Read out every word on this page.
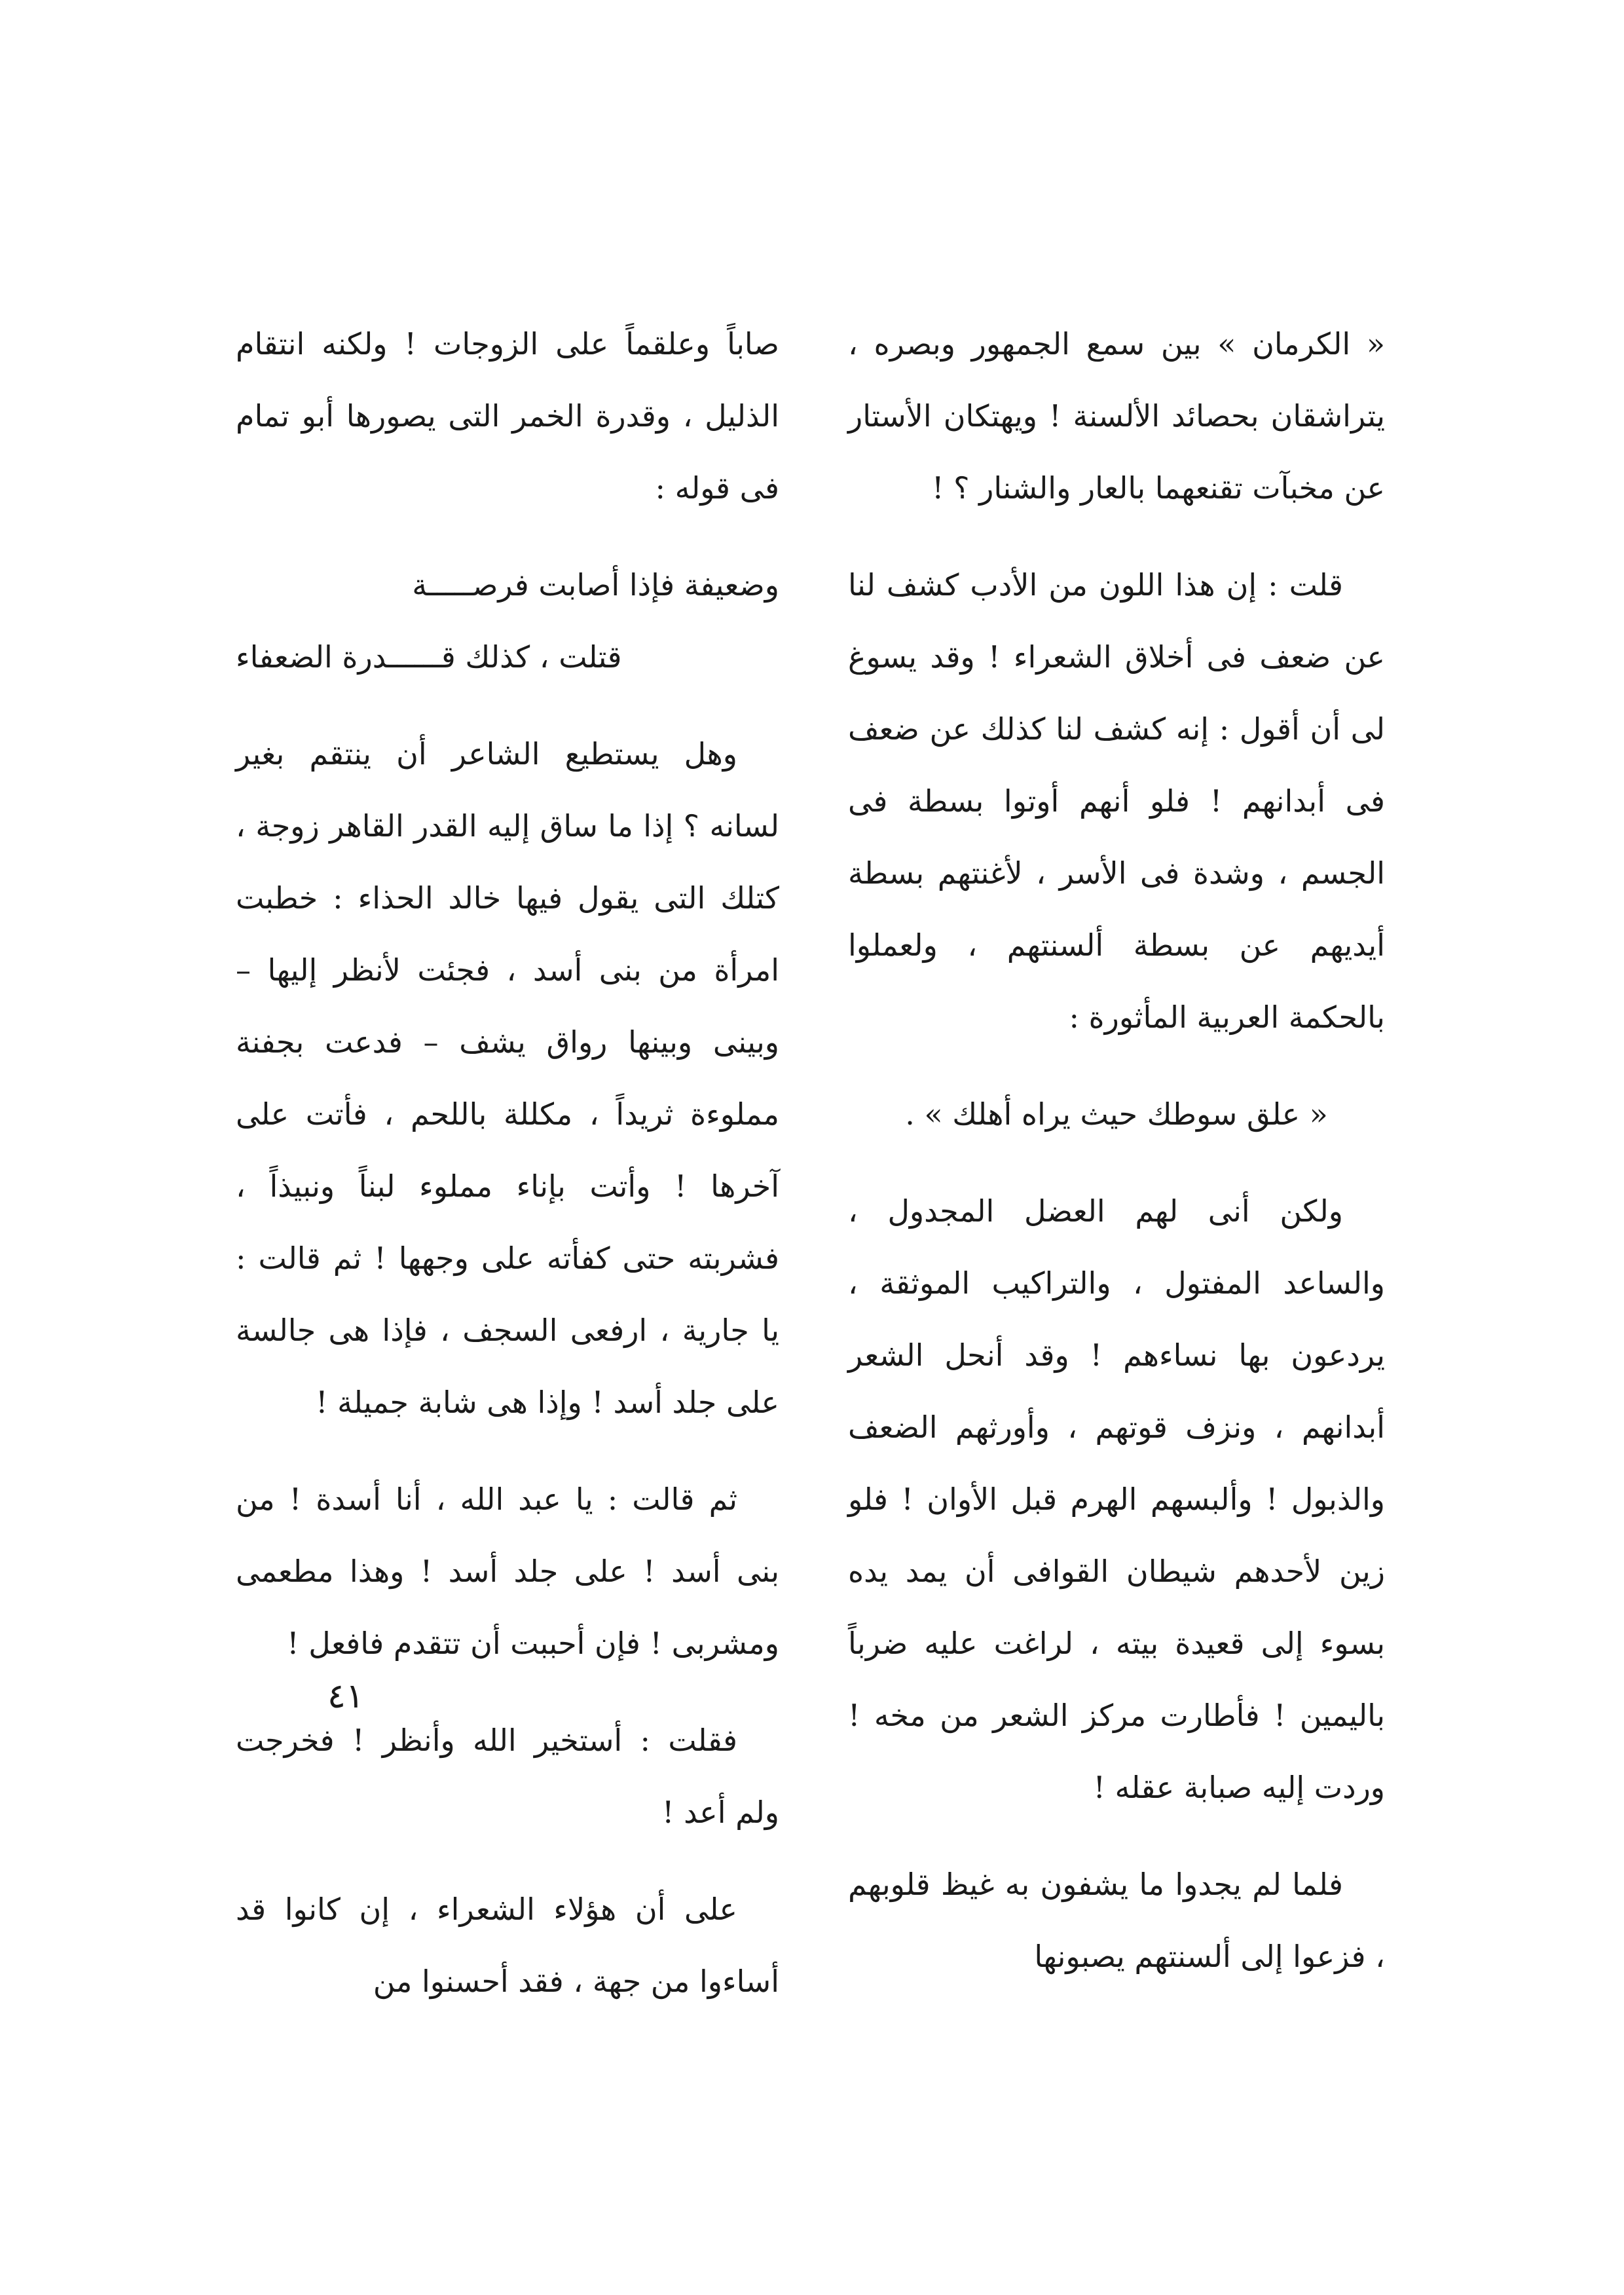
« الكرمان » بين سمع الجمهور وبصره ، يتراشقان بحصائد الألسنة ! ويهتكان الأستار عن مخبآت تقنعهما بالعار والشنار ؟ !

قلت : إن هذا اللون من الأدب كشف لنا عن ضعف فى أخلاق الشعراء ! وقد يسوغ لى أن أقول : إنه كشف لنا كذلك عن ضعف فى أبدانهم ! فلو أنهم أوتوا بسطة فى الجسم ، وشدة فى الأسر ، لأغنتهم بسطة أيديهم عن بسطة ألسنتهم ، ولعملوا بالحكمة العربية المأثورة :

« علق سوطك حيث يراه أهلك » .

ولكن أنى لهم العضل المجدول ، والساعد المفتول ، والتراكيب الموثقة ، يردعون بها نساءهم ! وقد أنحل الشعر أبدانهم ، ونزف قوتهم ، وأورثهم الضعف والذبول ! وألبسهم الهرم قبل الأوان ! فلو زين لأحدهم شيطان القوافى أن يمد يده بسوء إلى قعيدة بيته ، لراغت عليه ضرباً باليمين ! فأطارت مركز الشعر من مخه ! وردت إليه صبابة عقله !

فلما لم يجدوا ما يشفون به غيظ قلوبهم ، فزعوا إلى ألسنتهم يصبونها

صاباً وعلقماً على الزوجات ! ولكنه انتقام الذليل ، وقدرة الخمر التى يصورها أبو تمام فى قوله :

وضعيفة فإذا أصابت فرصـــــة

قتلت ، كذلك قــــــدرة الضعفاء

وهل يستطيع الشاعر أن ينتقم بغير لسانه ؟ إذا ما ساق إليه القدر القاهر زوجة ، كتلك التى يقول فيها خالد الحذاء : خطبت امرأة من بنى أسد ، فجئت لأنظر إليها – وبينى وبينها رواق يشف – فدعت بجفنة مملوءة ثريداً ، مكللة باللحم ، فأتت على آخرها ! وأتت بإناء مملوء لبناً ونبيذاً ، فشربته حتى كفأته على وجهها ! ثم قالت : يا جارية ، ارفعى السجف ، فإذا هى جالسة على جلد أسد ! وإذا هى شابة جميلة !

ثم قالت : يا عبد الله ، أنا أسدة ! من بنى أسد ! على جلد أسد ! وهذا مطعمى ومشربى ! فإن أحببت أن تتقدم فافعل !

فقلت : أستخير الله وأنظر ! فخرجت ولم أعد !

على أن هؤلاء الشعراء ، إن كانوا قد أساءوا من جهة ، فقد أحسنوا من

٤١
